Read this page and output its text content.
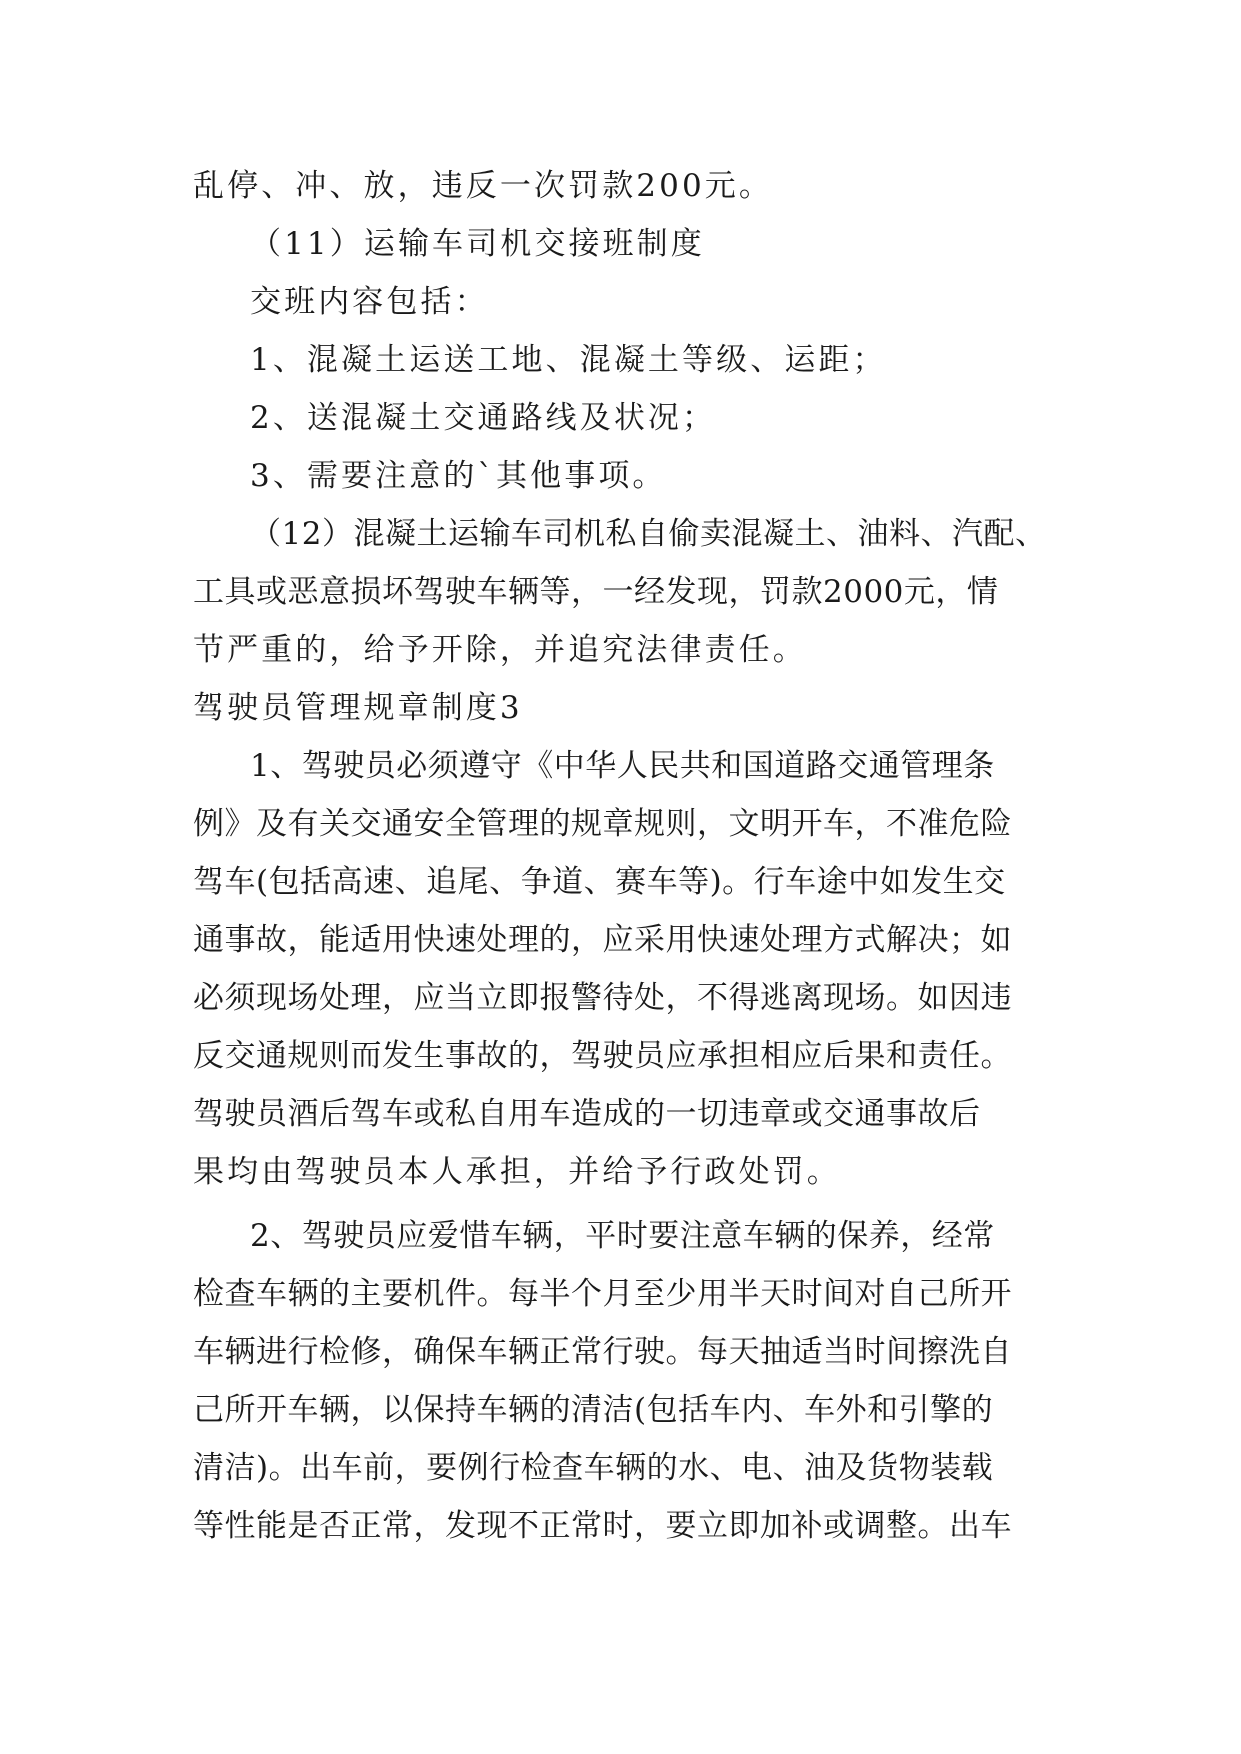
乱停、冲、放，违反一次罚款200元。

（11）运输车司机交接班制度

交班内容包括：

1、混凝土运送工地、混凝土等级、运距；

2、送混凝土交通路线及状况；

3、需要注意的`其他事项。

（12）混凝土运输车司机私自偷卖混凝土、油料、汽配、

工具或恶意损坏驾驶车辆等，一经发现，罚款2000元，情

节严重的，给予开除，并追究法律责任。

驾驶员管理规章制度3

1、驾驶员必须遵守《中华人民共和国道路交通管理条

例》及有关交通安全管理的规章规则，文明开车，不准危险

驾车(包括高速、追尾、争道、赛车等)。行车途中如发生交

通事故，能适用快速处理的，应采用快速处理方式解决；如

必须现场处理，应当立即报警待处，不得逃离现场。如因违

反交通规则而发生事故的，驾驶员应承担相应后果和责任。

驾驶员酒后驾车或私自用车造成的一切违章或交通事故后

果均由驾驶员本人承担，并给予行政处罚。

2、驾驶员应爱惜车辆，平时要注意车辆的保养，经常

检查车辆的主要机件。每半个月至少用半天时间对自己所开

车辆进行检修，确保车辆正常行驶。每天抽适当时间擦洗自

己所开车辆，以保持车辆的清洁(包括车内、车外和引擎的

清洁)。出车前，要例行检查车辆的水、电、油及货物装载

等性能是否正常，发现不正常时，要立即加补或调整。出车
